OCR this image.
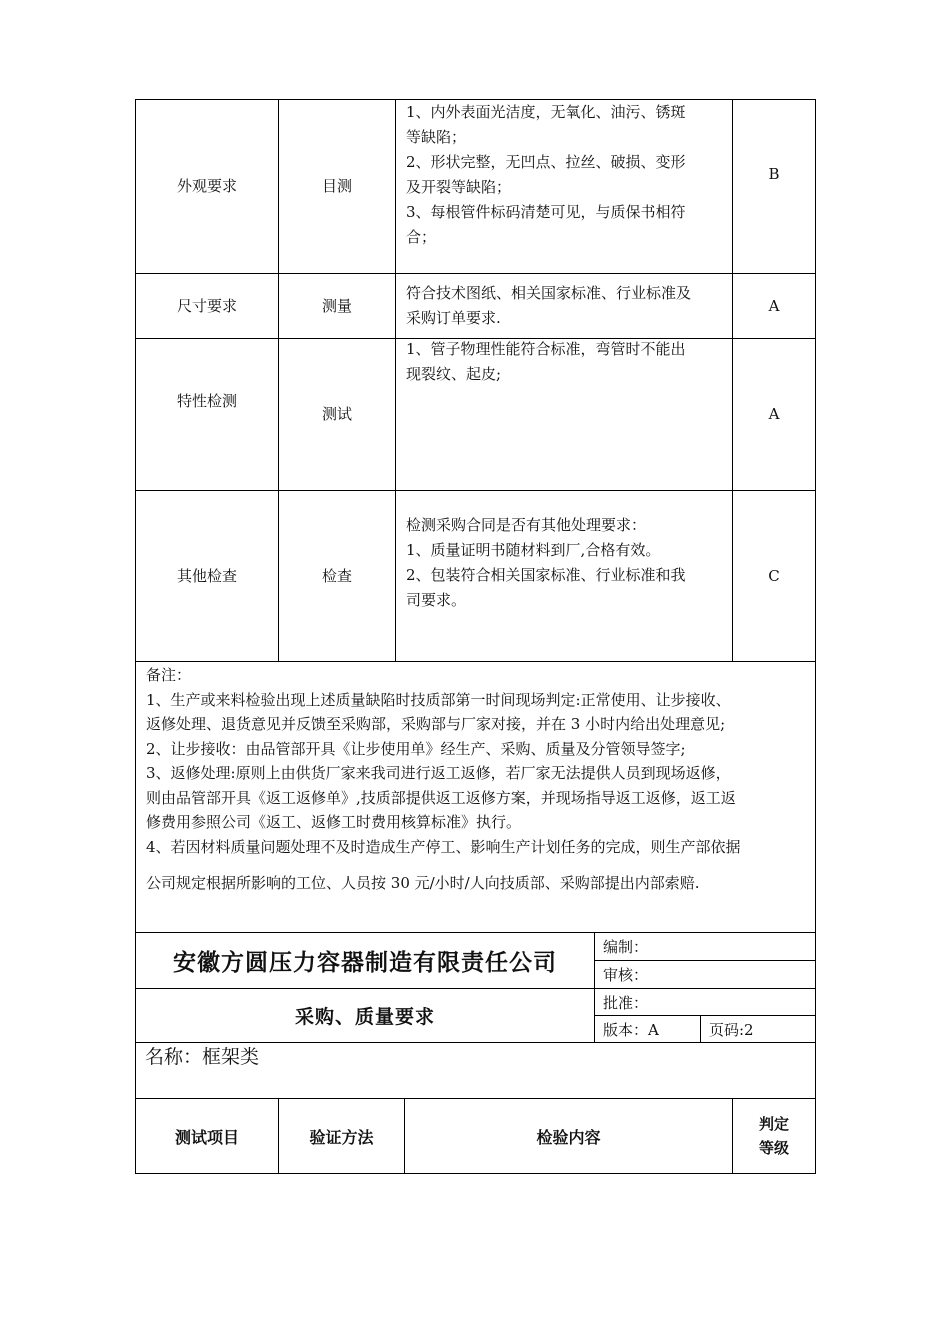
外观要求	目测
1、内外表面光洁度，无氧化、油污、锈斑
等缺陷；
2、形状完整，无凹点、拉丝、破损、变形
及开裂等缺陷；
3、每根管件标码清楚可见，与质保书相符
合；
B
尺寸要求	测量
符合技术图纸、相关国家标准、行业标准及
采购订单要求.
A
特性检测
测试
1、管子物理性能符合标准，弯管时不能出
现裂纹、起皮;
A
其他检查	检查
检测采购合同是否有其他处理要求：
1、质量证明书随材料到厂,合格有效。
2、包装符合相关国家标准、行业标准和我
司要求。
C
备注：
1、生产或来料检验出现上述质量缺陷时技质部第一时间现场判定:正常使用、让步接收、
返修处理、退货意见并反馈至采购部，采购部与厂家对接，并在 3 小时内给出处理意见;
2、让步接收：由品管部开具《让步使用单》经生产、采购、质量及分管领导签字;
3、返修处理:原则上由供货厂家来我司进行返工返修，若厂家无法提供人员到现场返修，
则由品管部开具《返工返修单》,技质部提供返工返修方案，并现场指导返工返修，返工返
修费用参照公司《返工、返修工时费用核算标准》执行。
4、若因材料质量问题处理不及时造成生产停工、影响生产计划任务的完成，则生产部依据
公司规定根据所影响的工位、人员按 30 元/小时/人向技质部、采购部提出内部索赔.
安徽方圆压力容器制造有限责任公司
采购、质量要求
编制：
审核：
批准：
版本：A	页码:2
名称：框架类
测试项目	验证方法	检验内容
判定
等级
